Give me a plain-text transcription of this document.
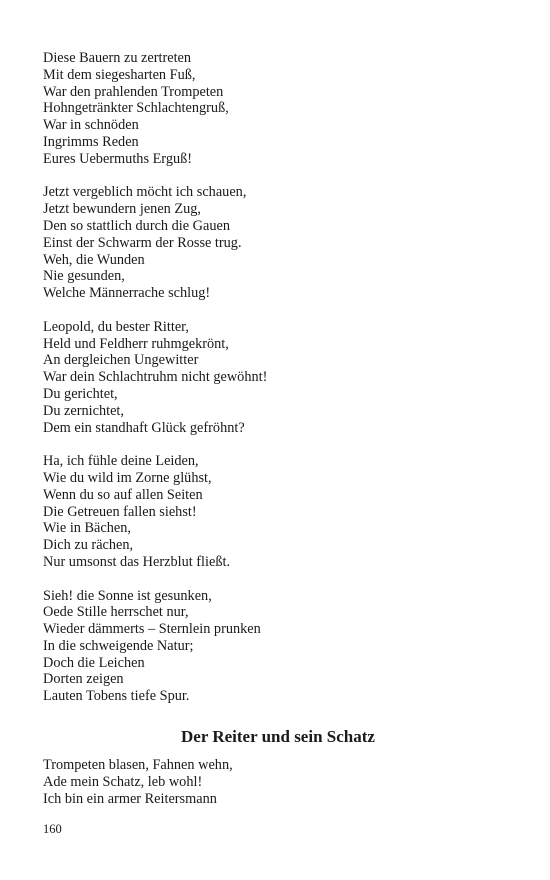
Diese Bauern zu zertreten
Mit dem siegesharten Fuß,
War den prahlenden Trompeten
Hohngetränkter Schlachtengruß,
War in schnöden
Ingrimms Reden
Eures Uebermuths Erguß!
Jetzt vergeblich möcht ich schauen,
Jetzt bewundern jenen Zug,
Den so stattlich durch die Gauen
Einst der Schwarm der Rosse trug.
Weh, die Wunden
Nie gesunden,
Welche Männerrache schlug!
Leopold, du bester Ritter,
Held und Feldherr ruhmgekrönt,
An dergleichen Ungewitter
War dein Schlachtruhm nicht gewöhnt!
Du gerichtet,
Du zernichtet,
Dem ein standhaft Glück gefröhnt?
Ha, ich fühle deine Leiden,
Wie du wild im Zorne glühst,
Wenn du so auf allen Seiten
Die Getreuen fallen siehst!
Wie in Bächen,
Dich zu rächen,
Nur umsonst das Herzblut fließt.
Sieh! die Sonne ist gesunken,
Oede Stille herrschet nur,
Wieder dämmerts – Sternlein prunken
In die schweigende Natur;
Doch die Leichen
Dorten zeigen
Lauten Tobens tiefe Spur.
Der Reiter und sein Schatz
Trompeten blasen, Fahnen wehn,
Ade mein Schatz, leb wohl!
Ich bin ein armer Reitersmann
160
